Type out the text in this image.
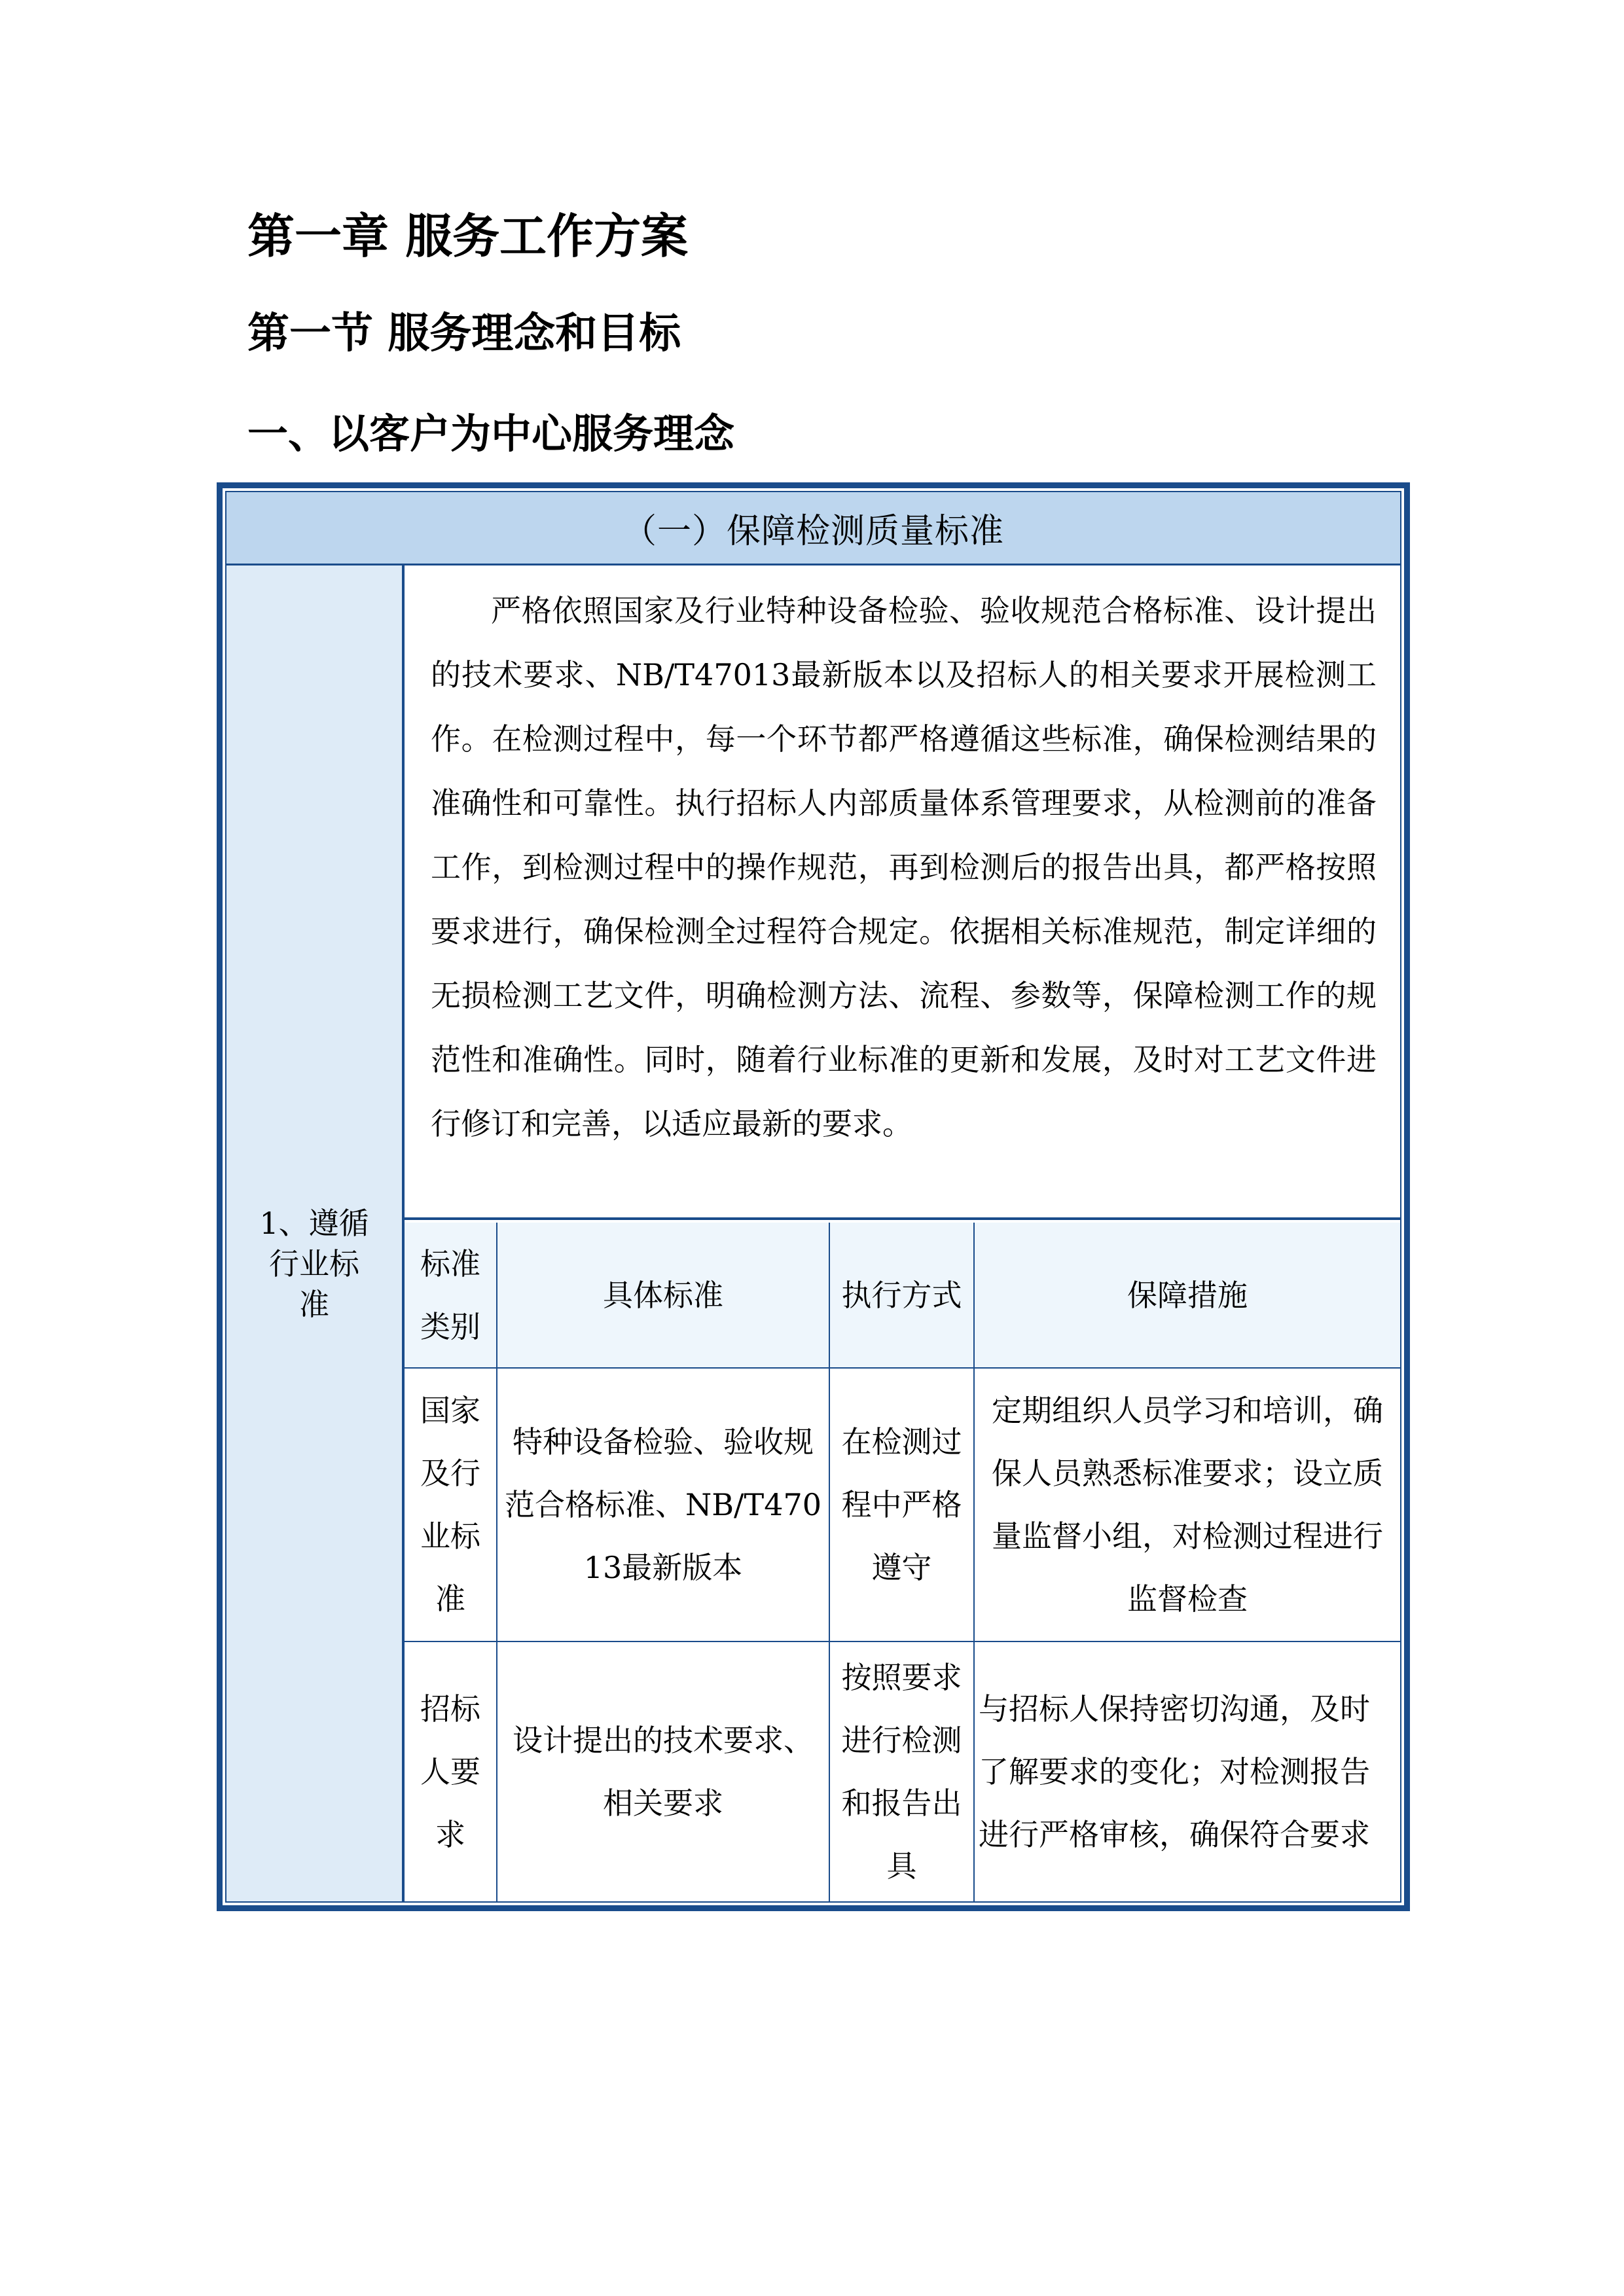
第一章 服务工作方案
第一节 服务理念和目标
一、以客户为中心服务理念
（一）保障检测质量标准
1、遵循行业标准
严格依照国家及行业特种设备检验、验收规范合格标准、设计提出的技术要求、NB/T47013最新版本以及招标人的相关要求开展检测工作。在检测过程中，每一个环节都严格遵循这些标准，确保检测结果的准确性和可靠性。执行招标人内部质量体系管理要求，从检测前的准备工作，到检测过程中的操作规范，再到检测后的报告出具，都严格按照要求进行，确保检测全过程符合规定。依据相关标准规范，制定详细的无损检测工艺文件，明确检测方法、流程、参数等，保障检测工作的规范性和准确性。同时，随着行业标准的更新和发展，及时对工艺文件进行修订和完善，以适应最新的要求。
标准类别	具体标准	执行方式	保障措施
国家及行业标准	特种设备检验、验收规范合格标准、NB/T47013最新版本	在检测过程中严格遵守	定期组织人员学习和培训，确保人员熟悉标准要求；设立质量监督小组，对检测过程进行监督检查
招标人要求	设计提出的技术要求、相关要求	按照要求进行检测和报告出具	与招标人保持密切沟通，及时了解要求的变化；对检测报告进行严格审核，确保符合要求
